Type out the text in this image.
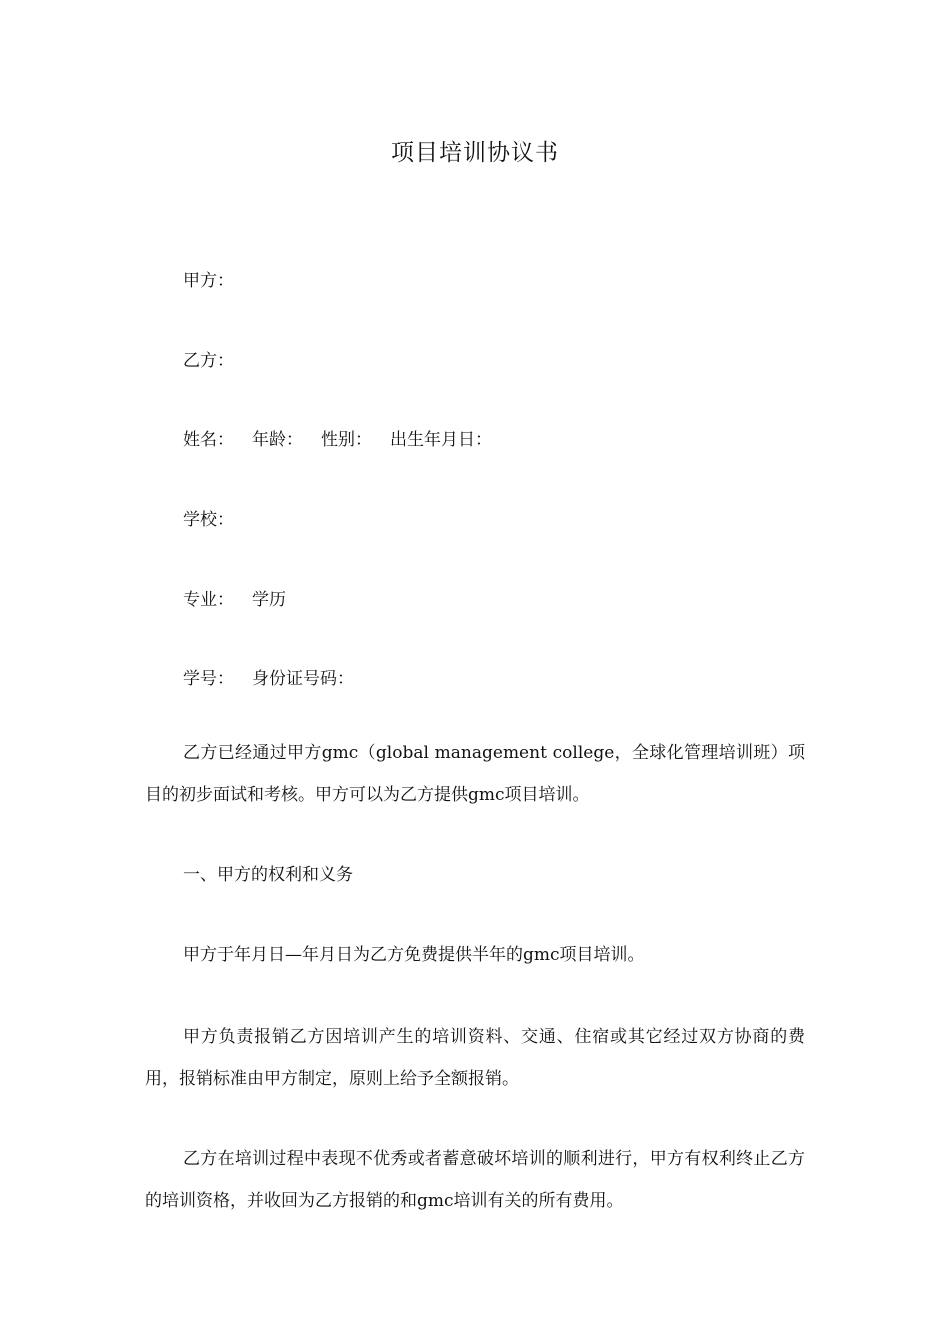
项目培训协议书
甲方：
乙方：
姓名： 年龄： 性别： 出生年月日：
学校：
专业： 学历
学号： 身份证号码：
乙方已经通过甲方gmc（global management college，全球化管理培训班）项目的初步面试和考核。甲方可以为乙方提供gmc项目培训。
一、甲方的权利和义务
甲方于年月日—年月日为乙方免费提供半年的gmc项目培训。
甲方负责报销乙方因培训产生的培训资料、交通、住宿或其它经过双方协商的费用，报销标准由甲方制定，原则上给予全额报销。
乙方在培训过程中表现不优秀或者蓄意破坏培训的顺利进行，甲方有权利终止乙方的培训资格，并收回为乙方报销的和gmc培训有关的所有费用。
